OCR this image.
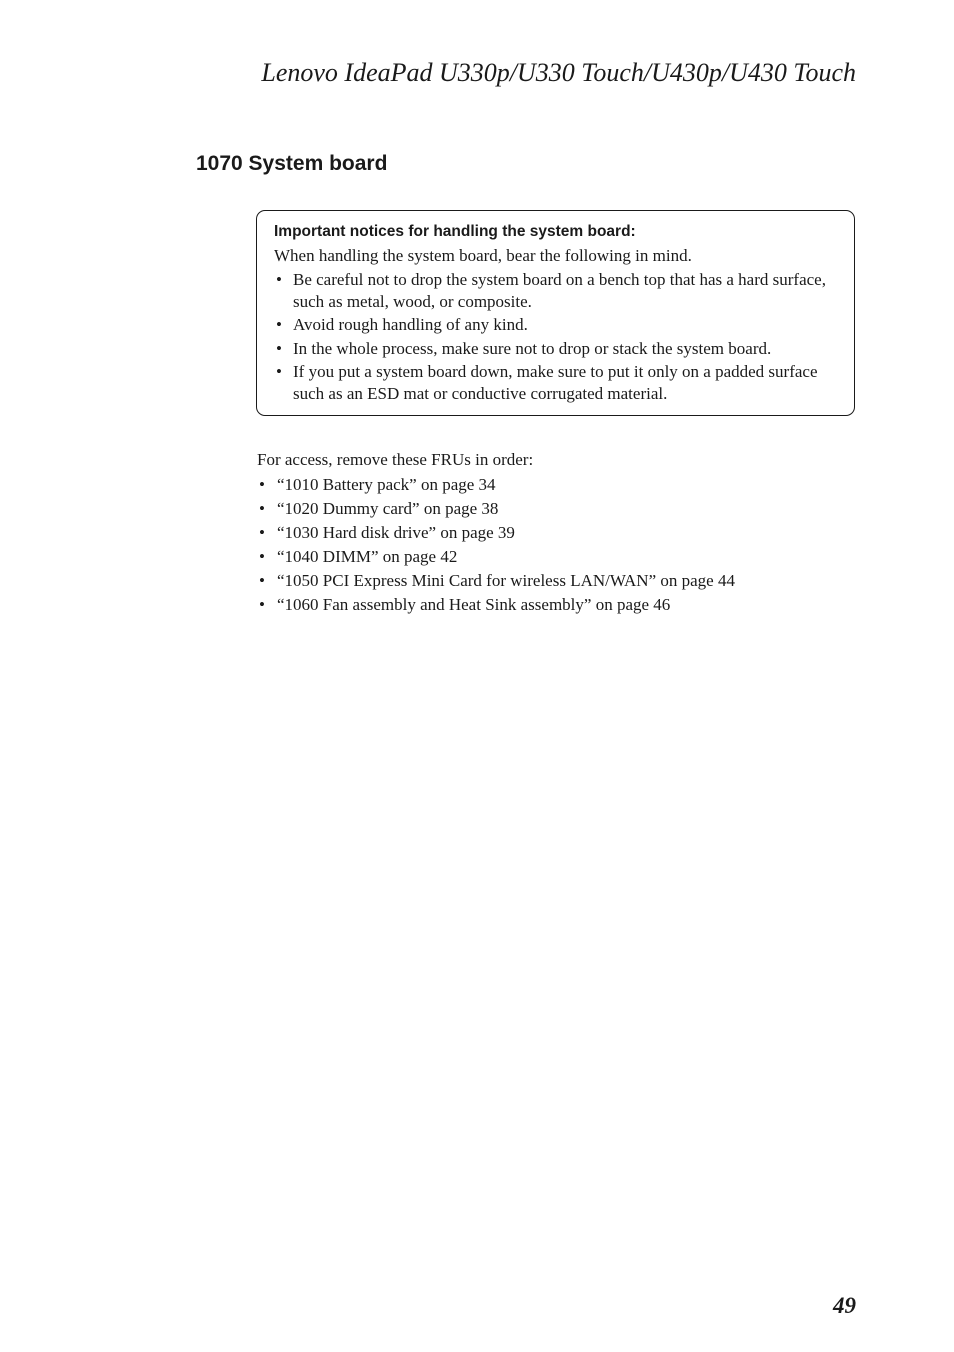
Lenovo IdeaPad U330p/U330 Touch/U430p/U430 Touch
1070 System board
Important notices for handling the system board:
When handling the system board, bear the following in mind.
• Be careful not to drop the system board on a bench top that has a hard surface, such as metal, wood, or composite.
• Avoid rough handling of any kind.
• In the whole process, make sure not to drop or stack the system board.
• If you put a system board down, make sure to put it only on a padded surface such as an ESD mat or conductive corrugated material.
For access, remove these FRUs in order:
• “1010 Battery pack” on page 34
• “1020 Dummy card” on page 38
• “1030 Hard disk drive” on page 39
• “1040 DIMM” on page 42
• “1050 PCI Express Mini Card for wireless LAN/WAN” on page 44
• “1060 Fan assembly and Heat Sink assembly” on page 46
49
